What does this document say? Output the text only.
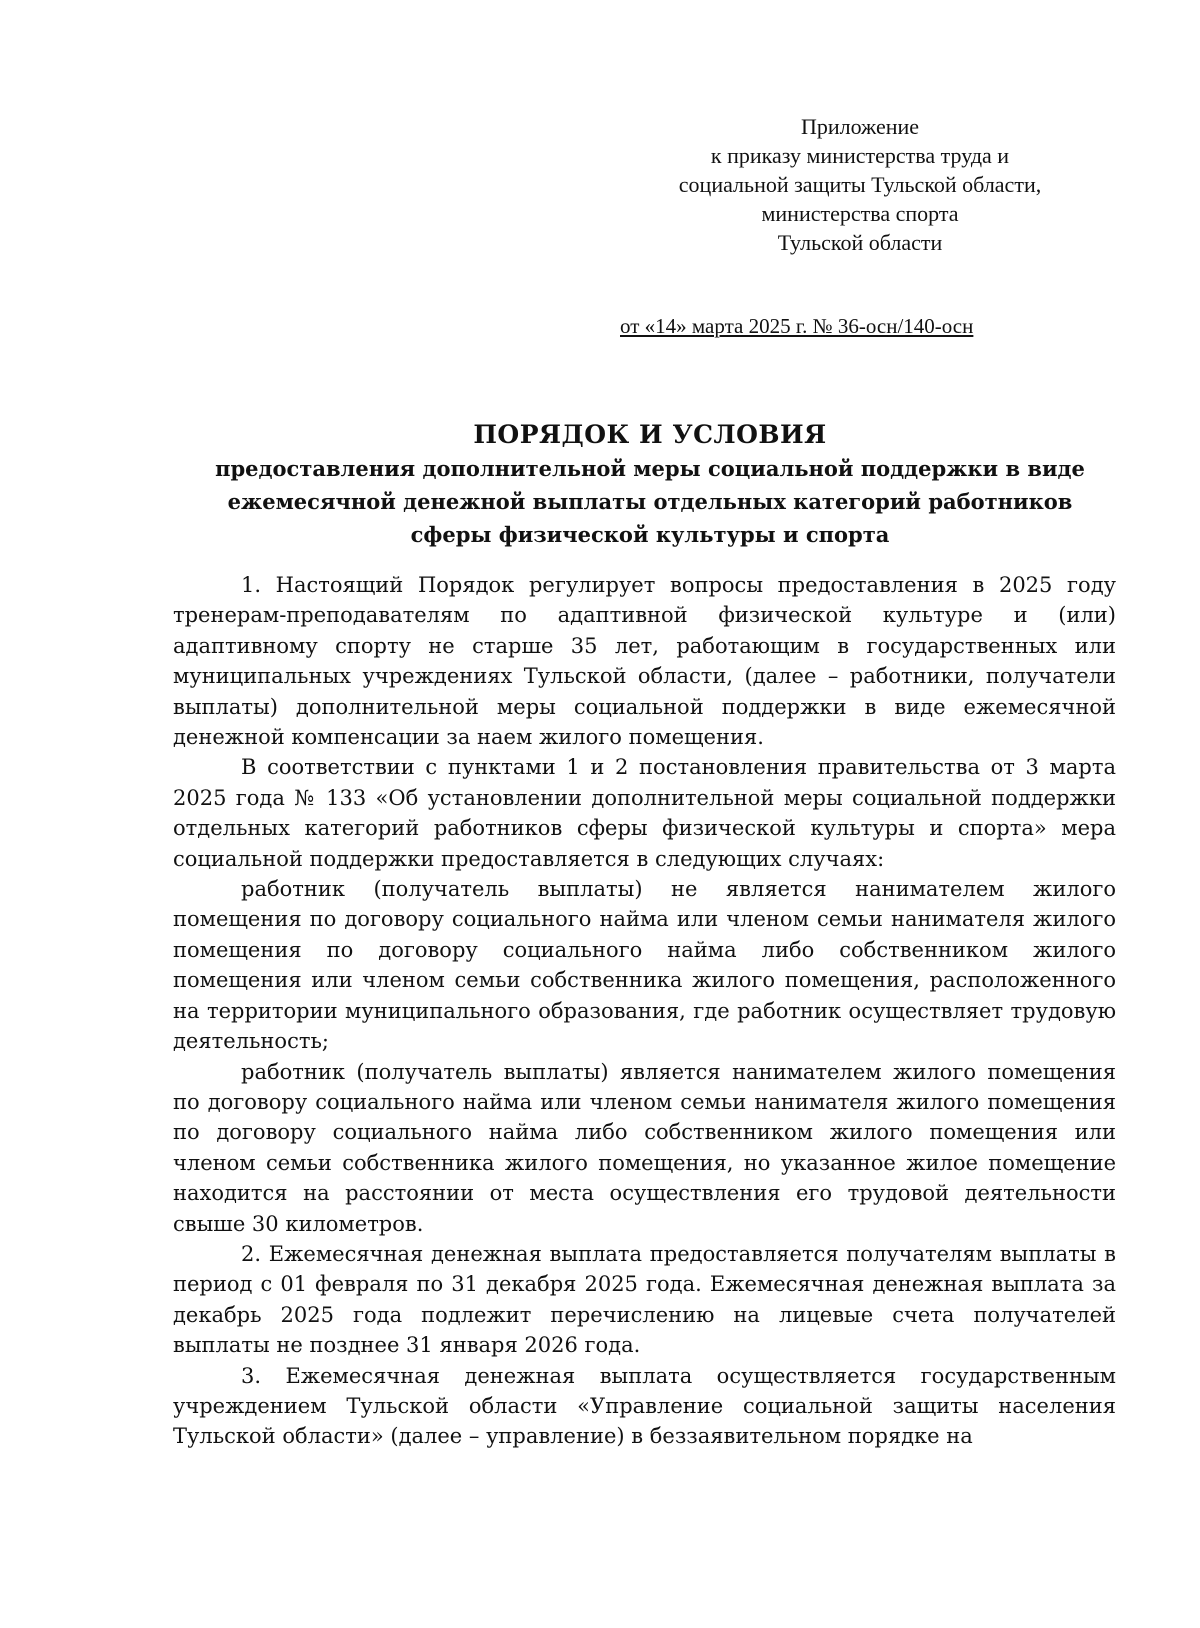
Приложение
к приказу министерства труда и
социальной защиты Тульской области,
министерства спорта
Тульской области
от «14» марта 2025 г. № 36-осн/140-осн
ПОРЯДОК И УСЛОВИЯ
предоставления дополнительной меры социальной поддержки в виде
ежемесячной денежной выплаты отдельных категорий работников
сферы физической культуры и спорта

1. Настоящий Порядок регулирует вопросы предоставления в 2025 году тренерам-преподавателям по адаптивной физической культуре и (или) адаптивному спорту не старше 35 лет, работающим в государственных или муниципальных учреждениях Тульской области, (далее – работники, получатели выплаты) дополнительной меры социальной поддержки в виде ежемесячной денежной компенсации за наем жилого помещения.

В соответствии с пунктами 1 и 2 постановления правительства от 3 марта 2025 года № 133 «Об установлении дополнительной меры социальной поддержки отдельных категорий работников сферы физической культуры и спорта» мера социальной поддержки предоставляется в следующих случаях:

работник (получатель выплаты) не является нанимателем жилого помещения по договору социального найма или членом семьи нанимателя жилого помещения по договору социального найма либо собственником жилого помещения или членом семьи собственника жилого помещения, расположенного на территории муниципального образования, где работник осуществляет трудовую деятельность;

работник (получатель выплаты) является нанимателем жилого помещения по договору социального найма или членом семьи нанимателя жилого помещения по договору социального найма либо собственником жилого помещения или членом семьи собственника жилого помещения, но указанное жилое помещение находится на расстоянии от места осуществления его трудовой деятельности свыше 30 километров.

2. Ежемесячная денежная выплата предоставляется получателям выплаты в период с 01 февраля по 31 декабря 2025 года. Ежемесячная денежная выплата за декабрь 2025 года подлежит перечислению на лицевые счета получателей выплаты не позднее 31 января 2026 года.

3. Ежемесячная денежная выплата осуществляется государственным учреждением Тульской области «Управление социальной защиты населения Тульской области» (далее – управление) в беззаявительном порядке на
